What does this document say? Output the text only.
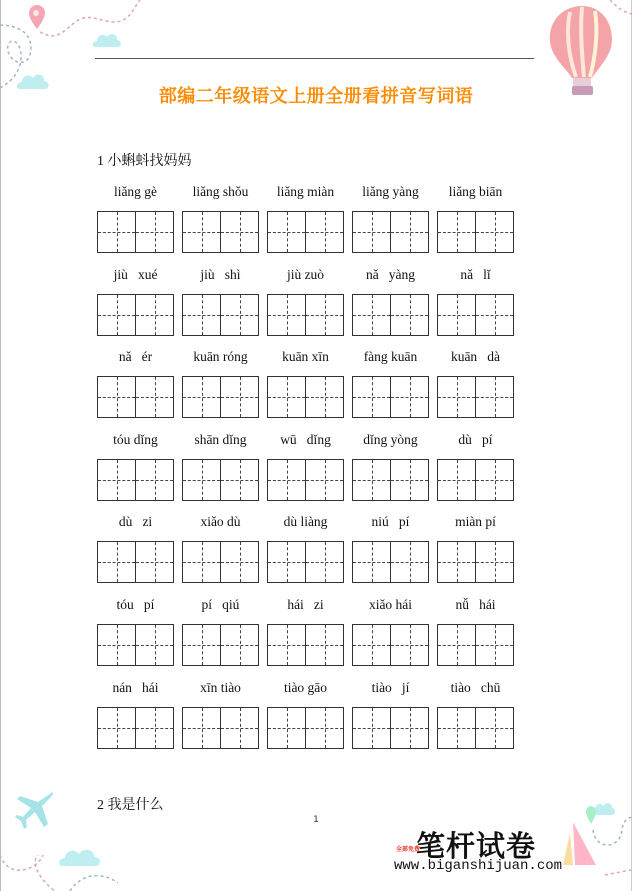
部编二年级语文上册全册看拼音写词语
1 小蝌蚪找妈妈
liǎng gè	liǎng shǒu	liǎng miàn	liǎng yàng	liǎng biān
jiù   xué	jiù   shì	jiù zuò	nǎ   yàng	nǎ   lǐ
nǎ   ér	kuān róng	kuān xīn	fàng kuān	kuān   dà
tóu dǐng	shān dǐng	wū   dǐng	dǐng yòng	dù   pí
dù   zi	xiǎo dù	dù liàng	niú   pí	miàn pí
tóu   pí	pí   qiú	hái   zi	xiǎo hái	nǚ   hái
nán   hái	xīn tiào	tiào gāo	tiào   jí	tiào   chū
2 我是什么
1
笔杆试卷
全部免费
www.biganshijuan.com
